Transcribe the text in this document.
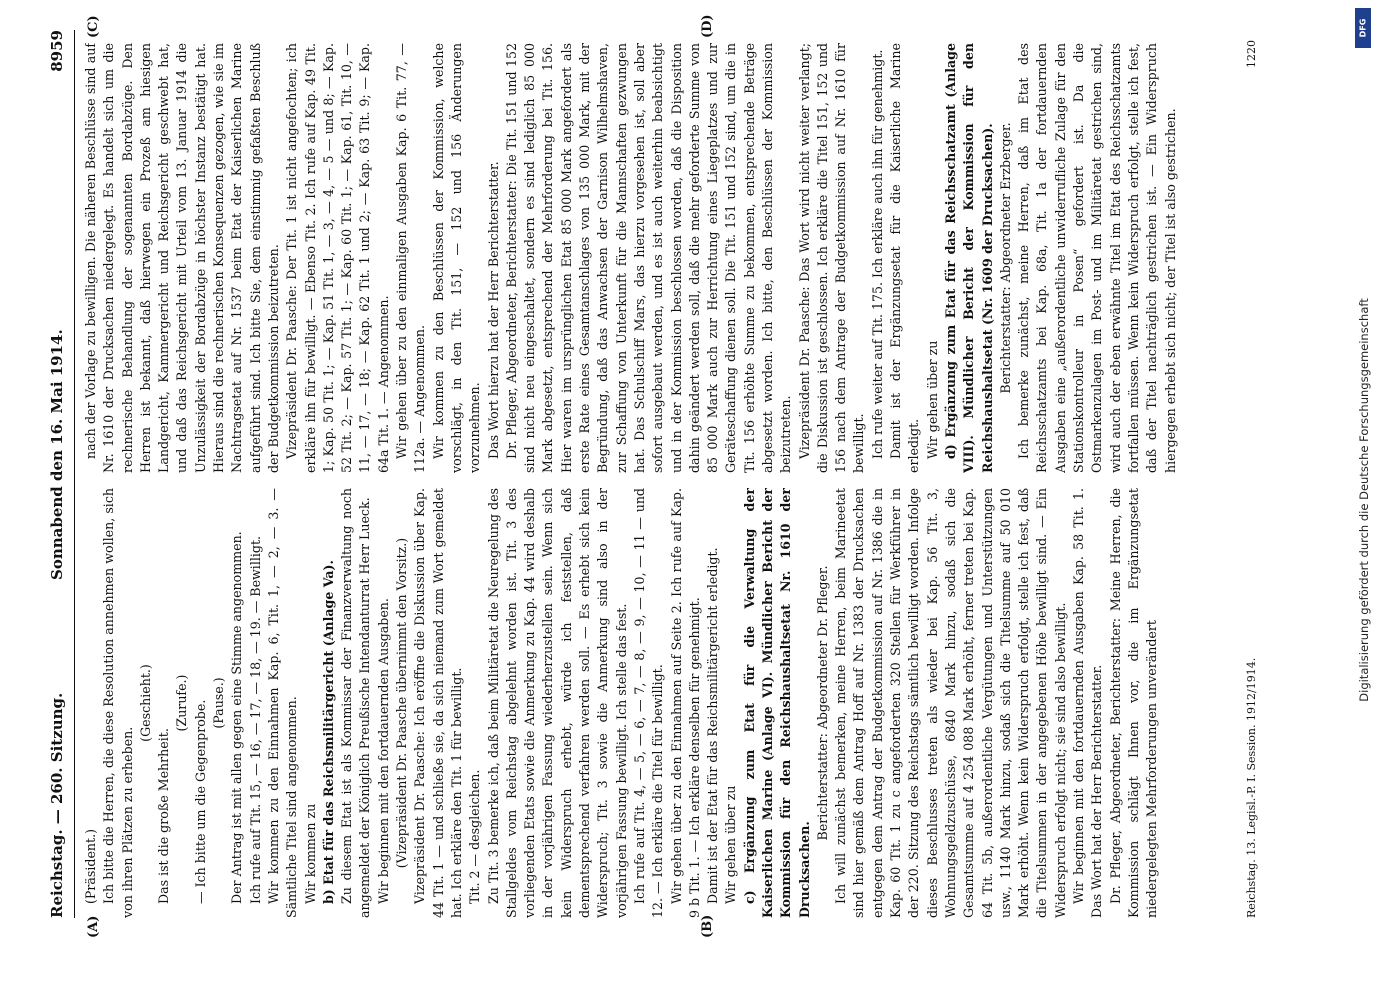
Reichstag. — 260. Sitzung.
Sonnabend den 16. Mai 1914.
8959
(A)	(B)
(C)	(D)

(Präsident.) Ich bitte die Herren, die diese Resolution annehmen wollen, sich von ihren Plätzen zu erheben.

(Geschieht.)

Das ist die große Mehrheit.

(Zurufe.) — Ich bitte um die Gegenprobe. (Pause.) Der Antrag ist mit allen gegen eine Stimme angenommen. Ich rufe auf Tit. 15, — 16, — 17, — 18, — 19. — Bewilligt. Wir kommen zu den Einnahmen Kap. 6, Tit. 1, — 2, — 3. — Sämtliche Titel sind angenommen. Wir kommen zu b) Etat für das Reichsmilitärgericht (Anlage Va). Zu diesem Etat ist als Kommissar der Finanzverwaltung noch angemeldet der Königlich Preußische Intendanturrat Herr Lueck. Wir beginnen mit den fortdauernden Ausgaben. (Vizepräsident Dr. Paasche übernimmt den Vorsitz.) Vizepräsident Dr. Paasche: Ich eröffne die Diskussion über Kap. 44 Tit. 1 — und schließe sie, da sich niemand zum Wort gemeldet hat. Ich erkläre den Tit. 1 für bewilligt. Tit. 2 — desgleichen. Zu Tit. 3 bemerke ich, daß beim Militäretat die Neuregelung des Stallgeldes vom Reichstag abgelehnt worden ist. Tit. 3 des vorliegenden Etats sowie die Anmerkung zu Kap. 44 wird deshalb in der vorjährigen Fassung wiederherzustellen sein. Wenn sich kein Widerspruch erhebt, würde ich feststellen, daß dementsprechend verfahren werden soll. — Es erhebt sich kein Widerspruch; Tit. 3 sowie die Anmerkung sind also in der vorjährigen Fassung bewilligt. Ich stelle das fest. Ich rufe auf Tit. 4, — 5, — 6, — 7, — 8, — 9, — 10, — 11 — und 12. — Ich erkläre die Titel für bewilligt. Wir gehen über zu den Einnahmen auf Seite 2. Ich rufe auf Kap. 9 b Tit. 1. — Ich erkläre denselben für genehmigt. Damit ist der Etat für das Reichsmilitärgericht erledigt. Wir gehen über zu c) Ergänzung zum Etat für die Verwaltung der Kaiserlichen Marine (Anlage VI). Mündlicher Bericht der Kommission für den Reichshaushaltsetat Nr. 1610 der Drucksachen.

Berichterstatter: Abgeordneter Dr. Pfleger. Ich will zunächst bemerken, meine Herren, beim Marineetat sind hier gemäß dem Antrag Hoff auf Nr. 1383 der Drucksachen entgegen dem Antrag der Budgetkommission auf Nr. 1386 die in Kap. 60 Tit. 1 zu c angeforderten 320 Stellen für Werkführer in der 220. Sitzung des Reichstags sämtlich bewilligt worden. Infolge dieses Beschlusses treten als wieder bei Kap. 56 Tit. 3, Wohnungsgeldzuschüsse, 6840 Mark hinzu, sodaß sich die Gesamtsumme auf 4 254 088 Mark erhöht, ferner treten bei Kap. 64 Tit. 5b, außerordentliche Vergütungen und Unterstützungen usw., 1140 Mark hinzu, sodaß sich die Titelsumme auf 50 010 Mark erhöht. Wenn kein Widerspruch erfolgt, stelle ich fest, daß die Titelsummen in der angegebenen Höhe bewilligt sind. — Ein Widerspruch erfolgt nicht; sie sind also bewilligt. Wir beginnen mit den fortdauernden Ausgaben Kap. 58 Tit. 1. Das Wort hat der Herr Berichterstatter. Dr. Pfleger, Abgeordneter, Berichterstatter: Meine Herren, die Kommission schlägt Ihnen vor, die im Ergänzungsetat niedergelegten Mehrforderungen unverändert

nach der Vorlage zu bewilligen. Die näheren Beschlüsse sind auf Nr. 1610 der Drucksachen niedergelegt. Es handelt sich um die rechnerische Behandlung der sogenannten Bordabzüge. Den Herren ist bekannt, daß hierwegen ein Prozeß am hiesigen Landgericht, Kammergericht und Reichsgericht geschwebt hat, und daß das Reichsgericht mit Urteil vom 13. Januar 1914 die Unzulässigkeit der Bordabzüge in höchster Instanz bestätigt hat. Hieraus sind die rechnerischen Konsequenzen gezogen, wie sie im Nachtragsetat auf Nr. 1537 beim Etat der Kaiserlichen Marine aufgeführt sind. Ich bitte Sie, dem einstimmig gefaßten Beschluß der Budgetkommission beizutreten. Vizepräsident Dr. Paasche: Der Tit. 1 ist nicht angefochten; ich erkläre ihn für bewilligt. — Ebenso Tit. 2. Ich rufe auf Kap. 49 Tit. 1; Kap. 50 Tit. 1; — Kap. 51 Tit. 1, — 3, — 4, — 5 — und 8; — Kap. 52 Tit. 2; — Kap. 57 Tit. 1; — Kap. 60 Tit. 1; — Kap. 61, Tit. 10, — 11, — 17, — 18; — Kap. 62 Tit. 1 und 2; — Kap. 63 Tit. 9; — Kap. 64a Tit. 1. — Angenommen. Wir gehen über zu den einmaligen Ausgaben Kap. 6 Tit. 77, — 112a. — Angenommen. Wir kommen zu den Beschlüssen der Kommission, welche vorschlägt, in den Tit. 151, — 152 und 156 Änderungen vorzunehmen. Das Wort hierzu hat der Herr Berichterstatter. Dr. Pfleger, Abgeordneter, Berichterstatter: Die Tit. 151 und 152 sind nicht neu eingeschaltet, sondern es sind lediglich 85 000 Mark abgesetzt, entsprechend der Mehrforderung bei Tit. 156. Hier waren im ursprünglichen Etat 85 000 Mark angefordert als erste Rate eines Gesamtanschlages von 135 000 Mark, mit der Begründung, daß das Anwachsen der Garnison Wilhelmshaven, zur Schaffung von Unterkunft für die Mannschaften gezwungen hat. Das Schulschiff Mars, das hierzu vorgesehen ist, soll aber sofort ausgebaut werden, und es ist auch weiterhin beabsichtigt und in der Kommission beschlossen worden, daß die Disposition dahin geändert werden soll, daß die mehr geforderte Summe von 85 000 Mark auch zur Herrichtung eines Liegeplatzes und zur Geräteschaffung dienen soll. Die Tit. 151 und 152 sind, um die in Tit. 156 erhöhte Summe zu bekommen, entsprechende Beträge abgesetzt worden. Ich bitte, den Beschlüssen der Kommission beizutreten. Vizepräsident Dr. Paasche: Das Wort wird nicht weiter verlangt; die Diskussion ist geschlossen. Ich erkläre die Titel 151, 152 und 156 nach dem Antrage der Budgetkommission auf Nr. 1610 für bewilligt. Ich rufe weiter auf Tit. 175. Ich erkläre auch ihn für genehmigt. Damit ist der Ergänzungsetat für die Kaiserliche Marine erledigt. Wir gehen über zu d) Ergänzung zum Etat für das Reichsschatzamt (Anlage VIII). Mündlicher Bericht der Kommission für den Reichshaushaltsetat (Nr. 1609 der Drucksachen). Berichterstatter: Abgeordneter Erzberger. Ich bemerke zunächst, meine Herren, daß im Etat des Reichsschatzamts bei Kap. 68a, Tit. 1a der fortdauernden Ausgaben eine „außerordentliche unwiderrufliche Zulage für den Stationskontrolleur in Posen“ gefordert ist. Da die Ostmarkenzulagen im Post- und im Militäretat gestrichen sind, wird auch der eben erwähnte Titel im Etat des Reichsschatzamts fortfallen müssen. Wenn kein Widerspruch erfolgt, stelle ich fest, daß der Titel nachträglich gestrichen ist. — Ein Widerspruch hiergegen erhebt sich nicht; der Titel ist also gestrichen.

Reichstag. 13. Legisl.-P. I. Session. 1912/1914.
1220
DFG
Digitalisierung gefördert durch die Deutsche Forschungsgemeinschaft
